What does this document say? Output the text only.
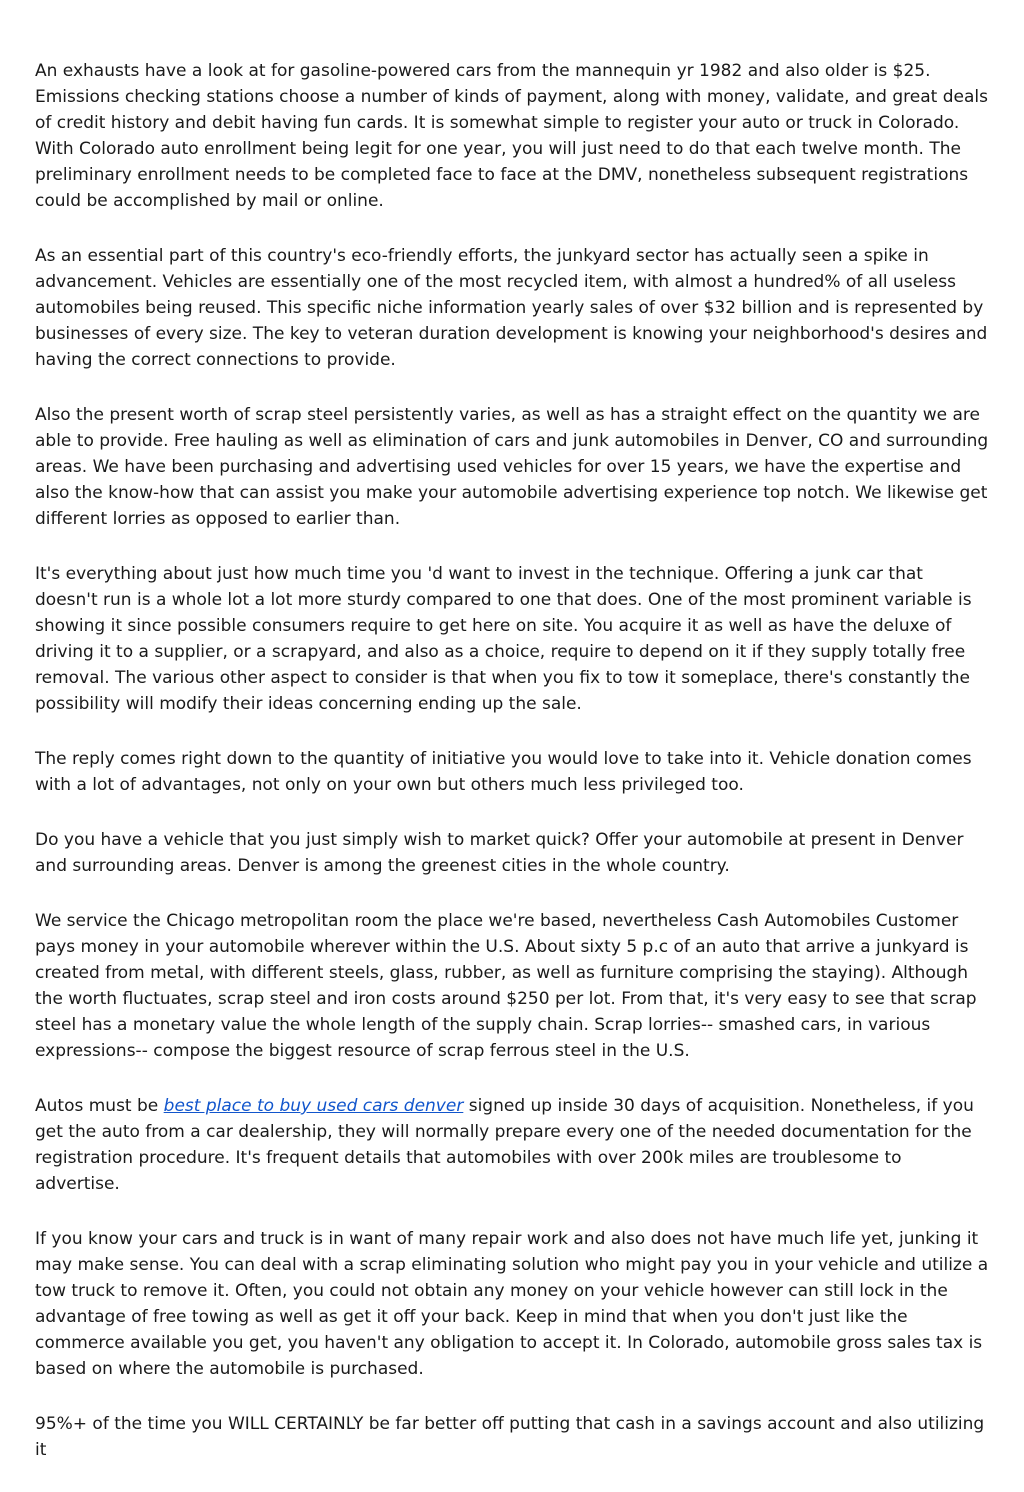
An exhausts have a look at for gasoline-powered cars from the mannequin yr 1982 and also older is $25. Emissions checking stations choose a number of kinds of payment, along with money, validate, and great deals of credit history and debit having fun cards. It is somewhat simple to register your auto or truck in Colorado. With Colorado auto enrollment being legit for one year, you will just need to do that each twelve month. The preliminary enrollment needs to be completed face to face at the DMV, nonetheless subsequent registrations could be accomplished by mail or online.

As an essential part of this country's eco-friendly efforts, the junkyard sector has actually seen a spike in advancement. Vehicles are essentially one of the most recycled item, with almost a hundred% of all useless automobiles being reused. This specific niche information yearly sales of over $32 billion and is represented by businesses of every size. The key to veteran duration development is knowing your neighborhood's desires and having the correct connections to provide.

Also the present worth of scrap steel persistently varies, as well as has a straight effect on the quantity we are able to provide. Free hauling as well as elimination of cars and junk automobiles in Denver, CO and surrounding areas. We have been purchasing and advertising used vehicles for over 15 years, we have the expertise and also the know-how that can assist you make your automobile advertising experience top notch. We likewise get different lorries as opposed to earlier than.

It's everything about just how much time you 'd want to invest in the technique. Offering a junk car that doesn't run is a whole lot a lot more sturdy compared to one that does. One of the most prominent variable is showing it since possible consumers require to get here on site. You acquire it as well as have the deluxe of driving it to a supplier, or a scrapyard, and also as a choice, require to depend on it if they supply totally free removal. The various other aspect to consider is that when you fix to tow it someplace, there's constantly the possibility will modify their ideas concerning ending up the sale.

The reply comes right down to the quantity of initiative you would love to take into it. Vehicle donation comes with a lot of advantages, not only on your own but others much less privileged too.

Do you have a vehicle that you just simply wish to market quick? Offer your automobile at present in Denver and surrounding areas. Denver is among the greenest cities in the whole country.

We service the Chicago metropolitan room the place we're based, nevertheless Cash Automobiles Customer pays money in your automobile wherever within the U.S. About sixty 5 p.c of an auto that arrive a junkyard is created from metal, with different steels, glass, rubber, as well as furniture comprising the staying). Although the worth fluctuates, scrap steel and iron costs around $250 per lot. From that, it's very easy to see that scrap steel has a monetary value the whole length of the supply chain. Scrap lorries-- smashed cars, in various expressions-- compose the biggest resource of scrap ferrous steel in the U.S.

Autos must be best place to buy used cars denver signed up inside 30 days of acquisition. Nonetheless, if you get the auto from a car dealership, they will normally prepare every one of the needed documentation for the registration procedure. It's frequent details that automobiles with over 200k miles are troublesome to advertise.

If you know your cars and truck is in want of many repair work and also does not have much life yet, junking it may make sense. You can deal with a scrap eliminating solution who might pay you in your vehicle and utilize a tow truck to remove it. Often, you could not obtain any money on your vehicle however can still lock in the advantage of free towing as well as get it off your back. Keep in mind that when you don't just like the commerce available you get, you haven't any obligation to accept it. In Colorado, automobile gross sales tax is based on where the automobile is purchased.

95%+ of the time you WILL CERTAINLY be far better off putting that cash in a savings account and also utilizing it
